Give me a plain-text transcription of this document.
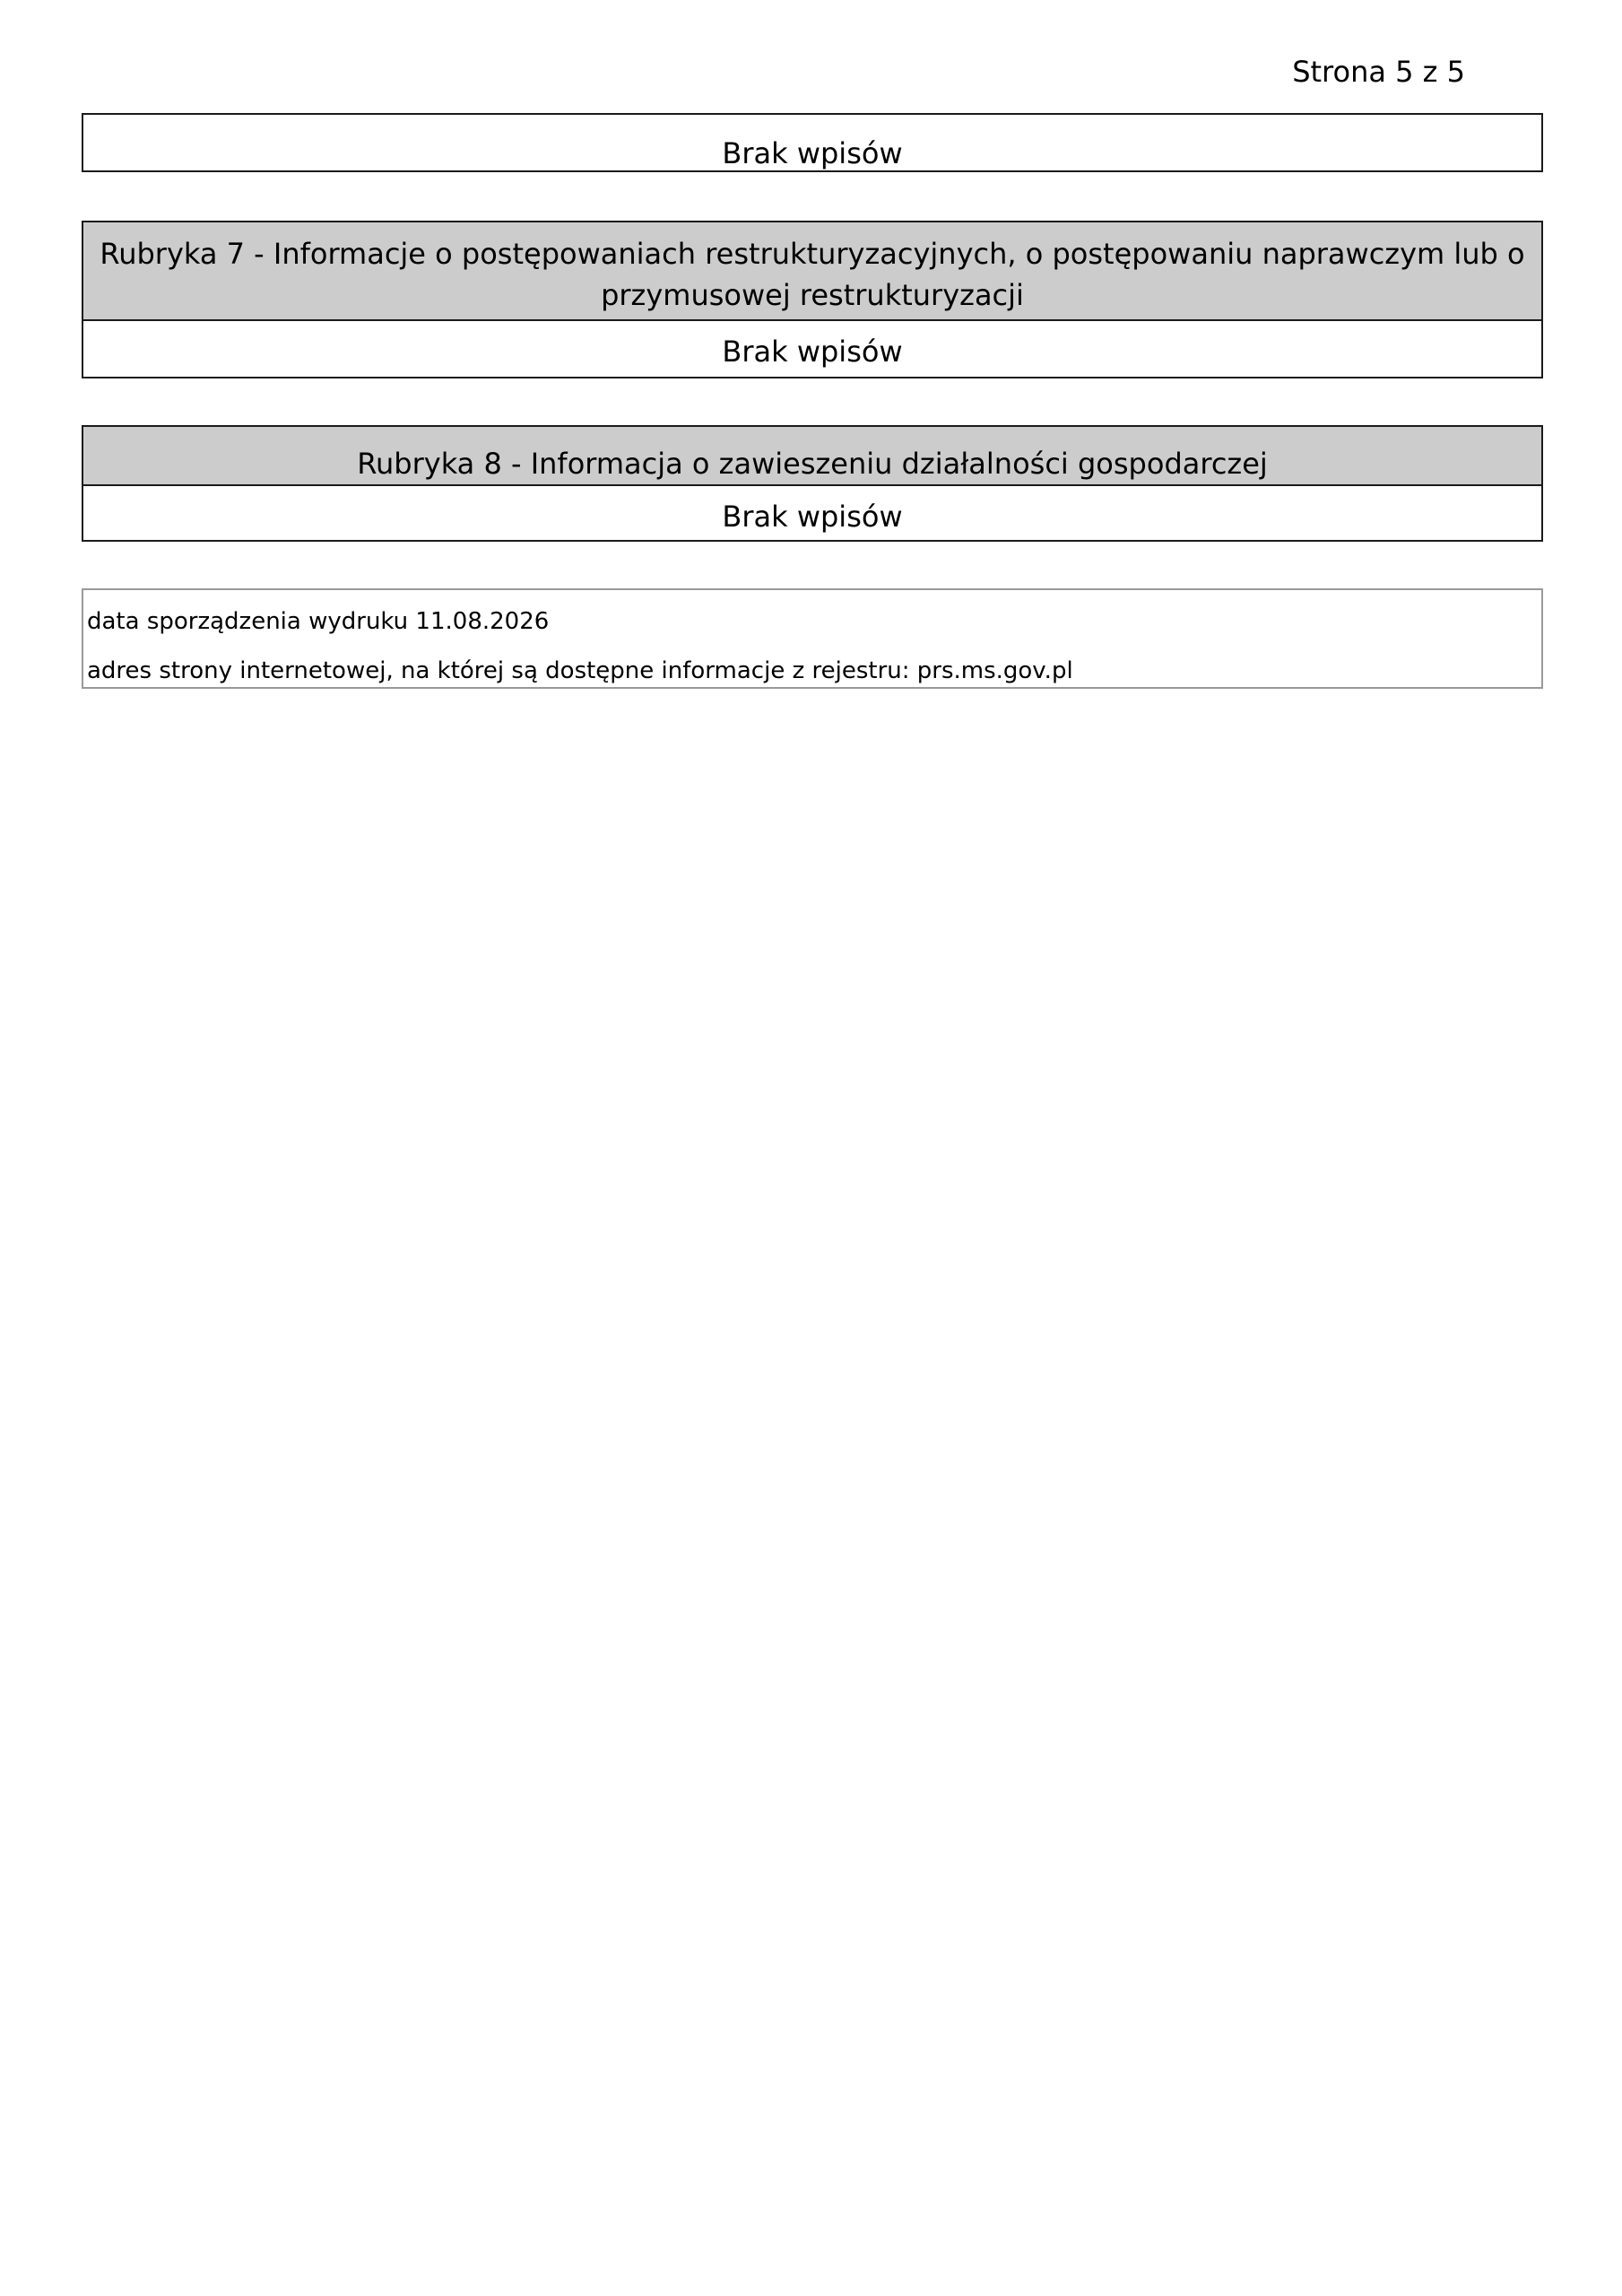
Strona 5 z 5
Brak wpisów
Rubryka 7 - Informacje o postępowaniach restrukturyzacyjnych, o postępowaniu naprawczym lub o przymusowej restrukturyzacji
Brak wpisów
Rubryka 8 - Informacja o zawieszeniu działalności gospodarczej
Brak wpisów
data sporządzenia wydruku 11.08.2026
adres strony internetowej, na której są dostępne informacje z rejestru: prs.ms.gov.pl
